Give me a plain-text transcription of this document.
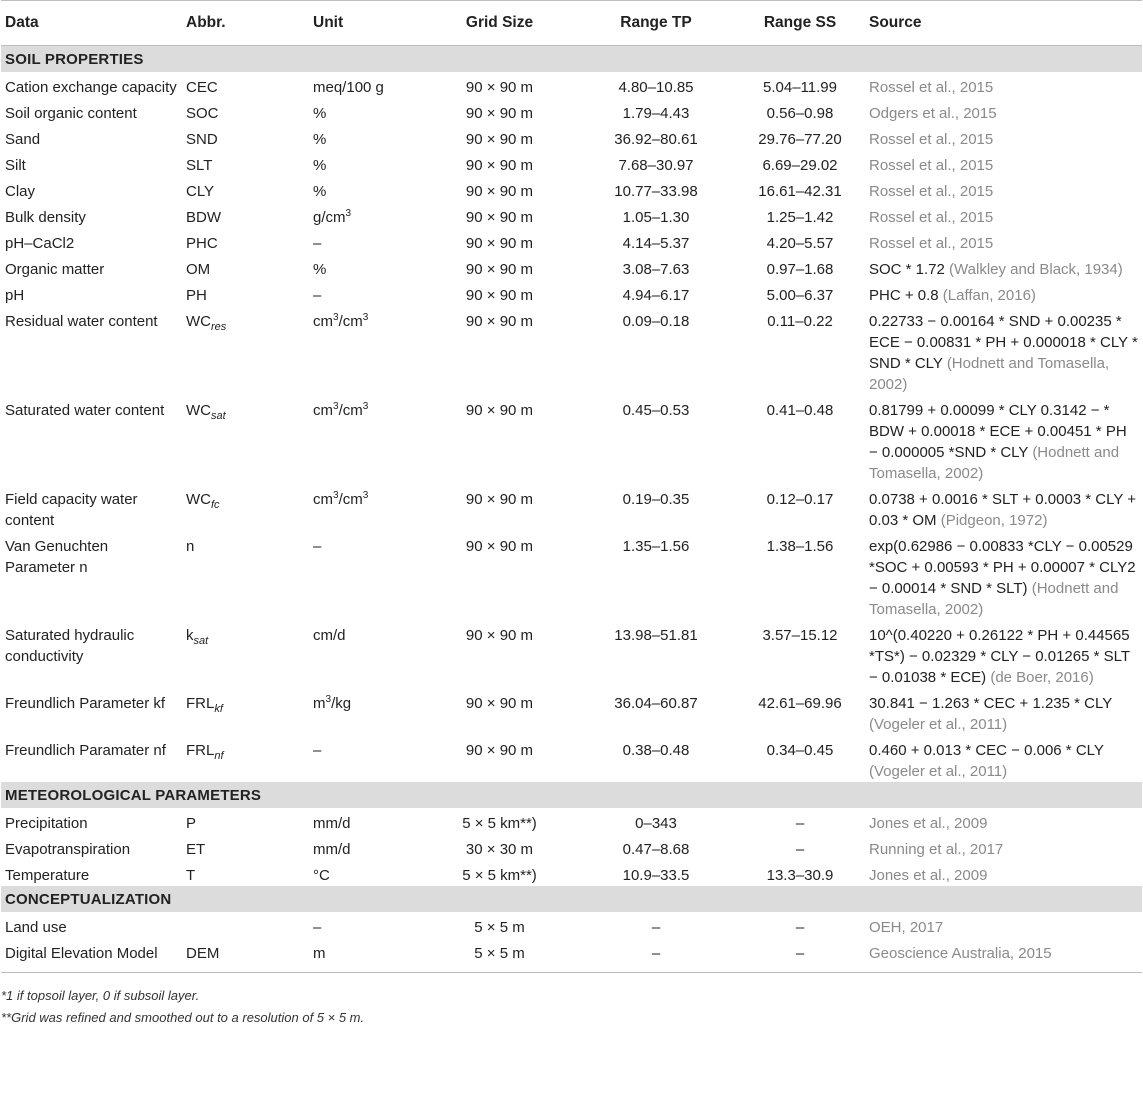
Data	Abbr.	Unit	Grid Size	Range TP	Range SS	Source
SOIL PROPERTIES						
Cation exchange capacity	CEC	meq/100 g	90 × 90 m	4.80–10.85	5.04–11.99	Rossel et al., 2015
Soil organic content	SOC	%	90 × 90 m	1.79–4.43	0.56–0.98	Odgers et al., 2015
Sand	SND	%	90 × 90 m	36.92–80.61	29.76–77.20	Rossel et al., 2015
Silt	SLT	%	90 × 90 m	7.68–30.97	6.69–29.02	Rossel et al., 2015
Clay	CLY	%	90 × 90 m	10.77–33.98	16.61–42.31	Rossel et al., 2015
Bulk density	BDW	$g/cm^3$	90 × 90 m	1.05–1.30	1.25–1.42	Rossel et al., 2015
pH–CaCl2	PHC	–	90 × 90 m	4.14–5.37	4.20–5.57	Rossel et al., 2015
Organic matter	OM	%	90 × 90 m	3.08–7.63	0.97–1.68	SOC * 1.72 (Walkley and Black, 1934)
pH	PH	–	90 × 90 m	4.94–6.17	5.00–6.37	PHC + 0.8 (Laffan, 2016)
Residual water content	$WC_{res}$	$cm^3/cm^3$	90 × 90 m	0.09–0.18	0.11–0.22	0.22733 − 0.00164 * SND + 0.00235 * ECE − 0.00831 * PH + 0.000018 * CLY * SND * CLY (Hodnett and Tomasella, 2002)
Saturated water content	$WC_{sat}$	$cm^3/cm^3$	90 × 90 m	0.45–0.53	0.41–0.48	0.81799 + 0.00099 * CLY 0.3142 − * BDW + 0.00018 * ECE + 0.00451 * PH − 0.000005 *SND * CLY (Hodnett and Tomasella, 2002)
Field capacity water content	$WC_{fc}$	$cm^3/cm^3$	90 × 90 m	0.19–0.35	0.12–0.17	0.0738 + 0.0016 * SLT + 0.0003 * CLY + 0.03 * OM (Pidgeon, 1972)
Van Genuchten Parameter n	n	–	90 × 90 m	1.35–1.56	1.38–1.56	exp(0.62986 − 0.00833 *CLY − 0.00529 *SOC + 0.00593 * PH + 0.00007 * CLY2 − 0.00014 * SND * SLT) (Hodnett and Tomasella, 2002)
Saturated hydraulic conductivity	$k_{sat}$	cm/d	90 × 90 m	13.98–51.81	3.57–15.12	10^(0.40220 + 0.26122 * PH + 0.44565 *TS*) − 0.02329 * CLY − 0.01265 * SLT − 0.01038 * ECE) (de Boer, 2016)
Freundlich Parameter kf	$FRL_{kf}$	$m^3/kg$	90 × 90 m	36.04–60.87	42.61–69.96	30.841 − 1.263 * CEC + 1.235 * CLY (Vogeler et al., 2011)
Freundlich Paramater nf	$FRL_{nf}$	–	90 × 90 m	0.38–0.48	0.34–0.45	0.460 + 0.013 * CEC − 0.006 * CLY (Vogeler et al., 2011)
METEOROLOGICAL PARAMETERS						
Precipitation	P	mm/d	5 × 5 km**)	0–343	–	Jones et al., 2009
Evapotranspiration	ET	mm/d	30 × 30 m	0.47–8.68	–	Running et al., 2017
Temperature	T	°C	5 × 5 km**)	10.9–33.5	13.3–30.9	Jones et al., 2009
CONCEPTUALIZATION						
Land use		–	5 × 5 m	–	–	OEH, 2017
Digital Elevation Model	DEM	m	5 × 5 m	–	–	Geoscience Australia, 2015
*1 if topsoil layer, 0 if subsoil layer.
**Grid was refined and smoothed out to a resolution of 5 × 5 m.
